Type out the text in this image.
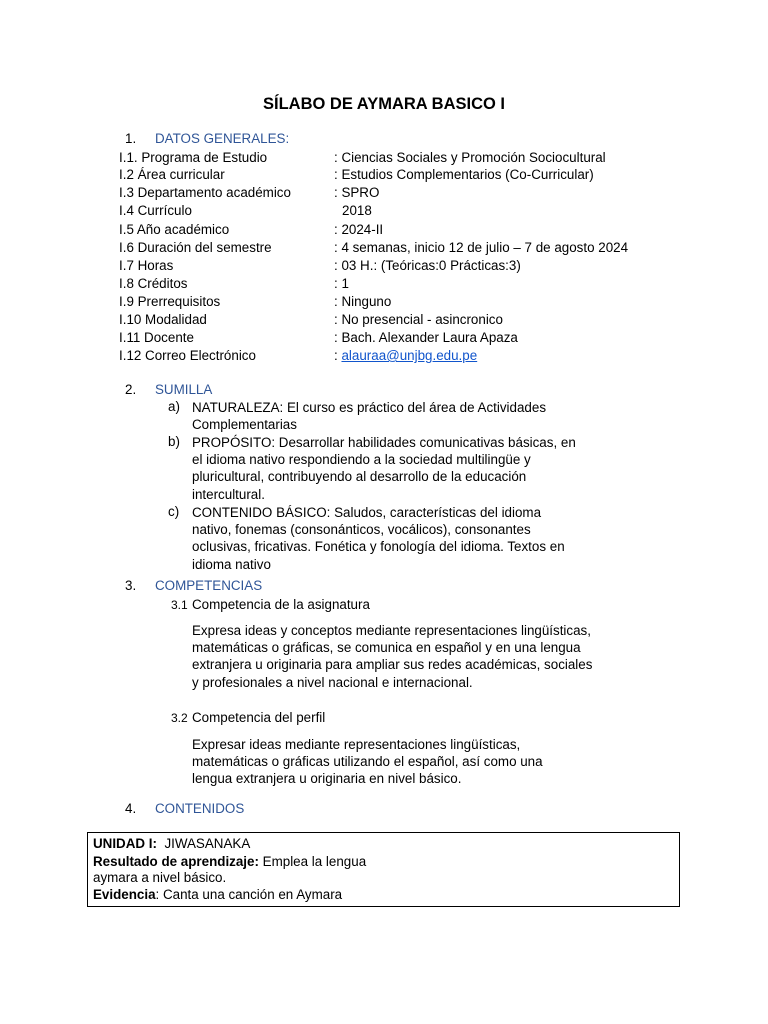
SÍLABO DE AYMARA BASICO I
1. DATOS GENERALES:
I.1. Programa de Estudio	: Ciencias Sociales y Promoción Sociocultural
I.2 Área curricular	: Estudios Complementarios (Co-Curricular)
I.3 Departamento académico	: SPRO
I.4 Currículo	2018
I.5 Año académico	: 2024-II
I.6 Duración del semestre	: 4 semanas, inicio 12 de julio – 7 de agosto 2024
I.7 Horas	: 03 H.: (Teóricas:0 Prácticas:3)
I.8 Créditos	: 1
I.9 Prerrequisitos	: Ninguno
I.10 Modalidad	: No presencial - asincronico
I.11 Docente	: Bach. Alexander Laura Apaza
I.12 Correo Electrónico	: alauraa@unjbg.edu.pe
2. SUMILLA
a) NATURALEZA: El curso es práctico del área de Actividades Complementarias
b) PROPÓSITO: Desarrollar habilidades comunicativas básicas, en el idioma nativo respondiendo a la sociedad multilingüe y pluricultural, contribuyendo al desarrollo de la educación intercultural.
c) CONTENIDO BÁSICO: Saludos, características del idioma nativo, fonemas (consonánticos, vocálicos), consonantes oclusivas, fricativas. Fonética y fonología del idioma. Textos en idioma nativo
3. COMPETENCIAS
3.1 Competencia de la asignatura
Expresa ideas y conceptos mediante representaciones lingüísticas, matemáticas o gráficas, se comunica en español y en una lengua extranjera u originaria para ampliar sus redes académicas, sociales y profesionales a nivel nacional e internacional.
3.2 Competencia del perfil
Expresar ideas mediante representaciones lingüísticas, matemáticas o gráficas utilizando el español, así como una lengua extranjera u originaria en nivel básico.
4. CONTENIDOS
UNIDAD I: JIWASANAKA
Resultado de aprendizaje: Emplea la lengua
aymara a nivel básico.
Evidencia: Canta una canción en Aymara
